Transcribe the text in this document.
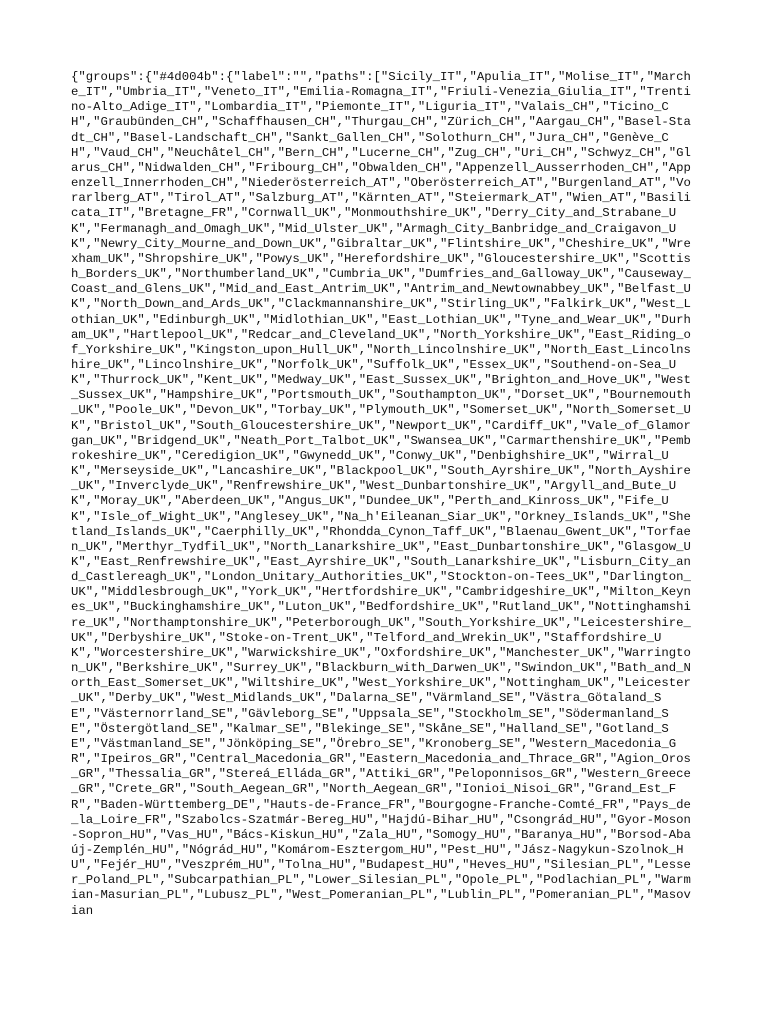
{"groups":{"#4d004b":{"label":"","paths":["Sicily_IT","Apulia_IT","Molise_IT","Marche_IT","Umbria_IT","Veneto_IT","Emilia-Romagna_IT","Friuli-Venezia_Giulia_IT","Trentino-Alto_Adige_IT","Lombardia_IT","Piemonte_IT","Liguria_IT","Valais_CH","Ticino_CH","Graubünden_CH","Schaffhausen_CH","Thurgau_CH","Zürich_CH","Aargau_CH","Basel-Stadt_CH","Basel-Landschaft_CH","Sankt_Gallen_CH","Solothurn_CH","Jura_CH","Genève_CH","Vaud_CH","Neuchâtel_CH","Bern_CH","Lucerne_CH","Zug_CH","Uri_CH","Schwyz_CH","Glarus_CH","Nidwalden_CH","Fribourg_CH","Obwalden_CH","Appenzell_Ausserrhoden_CH","Appenzell_Innerrhoden_CH","Niederösterreich_AT","Oberösterreich_AT","Burgenland_AT","Vorarlberg_AT","Tirol_AT","Salzburg_AT","Kärnten_AT","Steiermark_AT","Wien_AT","Basilicata_IT","Bretagne_FR","Cornwall_UK","Monmouthshire_UK","Derry_City_and_Strabane_UK","Fermanagh_and_Omagh_UK","Mid_Ulster_UK","Armagh_City_Banbridge_and_Craigavon_UK","Newry_City_Mourne_and_Down_UK","Gibraltar_UK","Flintshire_UK","Cheshire_UK","Wrexham_UK","Shropshire_UK","Powys_UK","Herefordshire_UK","Gloucestershire_UK","Scottish_Borders_UK","Northumberland_UK","Cumbria_UK","Dumfries_and_Galloway_UK","Causeway_Coast_and_Glens_UK","Mid_and_East_Antrim_UK","Antrim_and_Newtownabbey_UK","Belfast_UK","North_Down_and_Ards_UK","Clackmannanshire_UK","Stirling_UK","Falkirk_UK","West_Lothian_UK","Edinburgh_UK","Midlothian_UK","East_Lothian_UK","Tyne_and_Wear_UK","Durham_UK","Hartlepool_UK","Redcar_and_Cleveland_UK","North_Yorkshire_UK","East_Riding_of_Yorkshire_UK","Kingston_upon_Hull_UK","North_Lincolnshire_UK","North_East_Lincolnshire_UK","Lincolnshire_UK","Norfolk_UK","Suffolk_UK","Essex_UK","Southend-on-Sea_UK","Thurrock_UK","Kent_UK","Medway_UK","East_Sussex_UK","Brighton_and_Hove_UK","West_Sussex_UK","Hampshire_UK","Portsmouth_UK","Southampton_UK","Dorset_UK","Bournemouth_UK","Poole_UK","Devon_UK","Torbay_UK","Plymouth_UK","Somerset_UK","North_Somerset_UK","Bristol_UK","South_Gloucestershire_UK","Newport_UK","Cardiff_UK","Vale_of_Glamorgan_UK","Bridgend_UK","Neath_Port_Talbot_UK","Swansea_UK","Carmarthenshire_UK","Pembrokeshire_UK","Ceredigion_UK","Gwynedd_UK","Conwy_UK","Denbighshire_UK","Wirral_UK","Merseyside_UK","Lancashire_UK","Blackpool_UK","South_Ayrshire_UK","North_Ayshire_UK","Inverclyde_UK","Renfrewshire_UK","West_Dunbartonshire_UK","Argyll_and_Bute_UK","Moray_UK","Aberdeen_UK","Angus_UK","Dundee_UK","Perth_and_Kinross_UK","Fife_UK","Isle_of_Wight_UK","Anglesey_UK","Na_h'Eileanan_Siar_UK","Orkney_Islands_UK","Shetland_Islands_UK","Caerphilly_UK","Rhondda_Cynon_Taff_UK","Blaenau_Gwent_UK","Torfaen_UK","Merthyr_Tydfil_UK","North_Lanarkshire_UK","East_Dunbartonshire_UK","Glasgow_UK","East_Renfrewshire_UK","East_Ayrshire_UK","South_Lanarkshire_UK","Lisburn_City_and_Castlereagh_UK","London_Unitary_Authorities_UK","Stockton-on-Tees_UK","Darlington_UK","Middlesbrough_UK","York_UK","Hertfordshire_UK","Cambridgeshire_UK","Milton_Keynes_UK","Buckinghamshire_UK","Luton_UK","Bedfordshire_UK","Rutland_UK","Nottinghamshire_UK","Northamptonshire_UK","Peterborough_UK","South_Yorkshire_UK","Leicestershire_UK","Derbyshire_UK","Stoke-on-Trent_UK","Telford_and_Wrekin_UK","Staffordshire_UK","Worcestershire_UK","Warwickshire_UK","Oxfordshire_UK","Manchester_UK","Warrington_UK","Berkshire_UK","Surrey_UK","Blackburn_with_Darwen_UK","Swindon_UK","Bath_and_North_East_Somerset_UK","Wiltshire_UK","West_Yorkshire_UK","Nottingham_UK","Leicester_UK","Derby_UK","West_Midlands_UK","Dalarna_SE","Värmland_SE","Västra_Götaland_SE","Västernorrland_SE","Gävleborg_SE","Uppsala_SE","Stockholm_SE","Södermanland_SE","Östergötland_SE","Kalmar_SE","Blekinge_SE","Skåne_SE","Halland_SE","Gotland_SE","Västmanland_SE","Jönköping_SE","Örebro_SE","Kronoberg_SE","Western_Macedonia_GR","Ipeiros_GR","Central_Macedonia_GR","Eastern_Macedonia_and_Thrace_GR","Agion_Oros_GR","Thessalia_GR","Stereá_Elláda_GR","Attiki_GR","Peloponnisos_GR","Western_Greece_GR","Crete_GR","South_Aegean_GR","North_Aegean_GR","Ionioi_Nisoi_GR","Grand_Est_FR","Baden-Württemberg_DE","Hauts-de-France_FR","Bourgogne-Franche-Comté_FR","Pays_de_la_Loire_FR","Szabolcs-Szatmár-Bereg_HU","Hajdú-Bihar_HU","Csongrád_HU","Gyor-Moson-Sopron_HU","Vas_HU","Bács-Kiskun_HU","Zala_HU","Somogy_HU","Baranya_HU","Borsod-Abaúj-Zemplén_HU","Nógrád_HU","Komárom-Esztergom_HU","Pest_HU","Jász-Nagykun-Szolnok_HU","Fejér_HU","Veszprém_HU","Tolna_HU","Budapest_HU","Heves_HU","Silesian_PL","Lesser_Poland_PL","Subcarpathian_PL","Lower_Silesian_PL","Opole_PL","Podlachian_PL","Warmian-Masurian_PL","Lubusz_PL","West_Pomeranian_PL","Lublin_PL","Pomeranian_PL","Masovian
